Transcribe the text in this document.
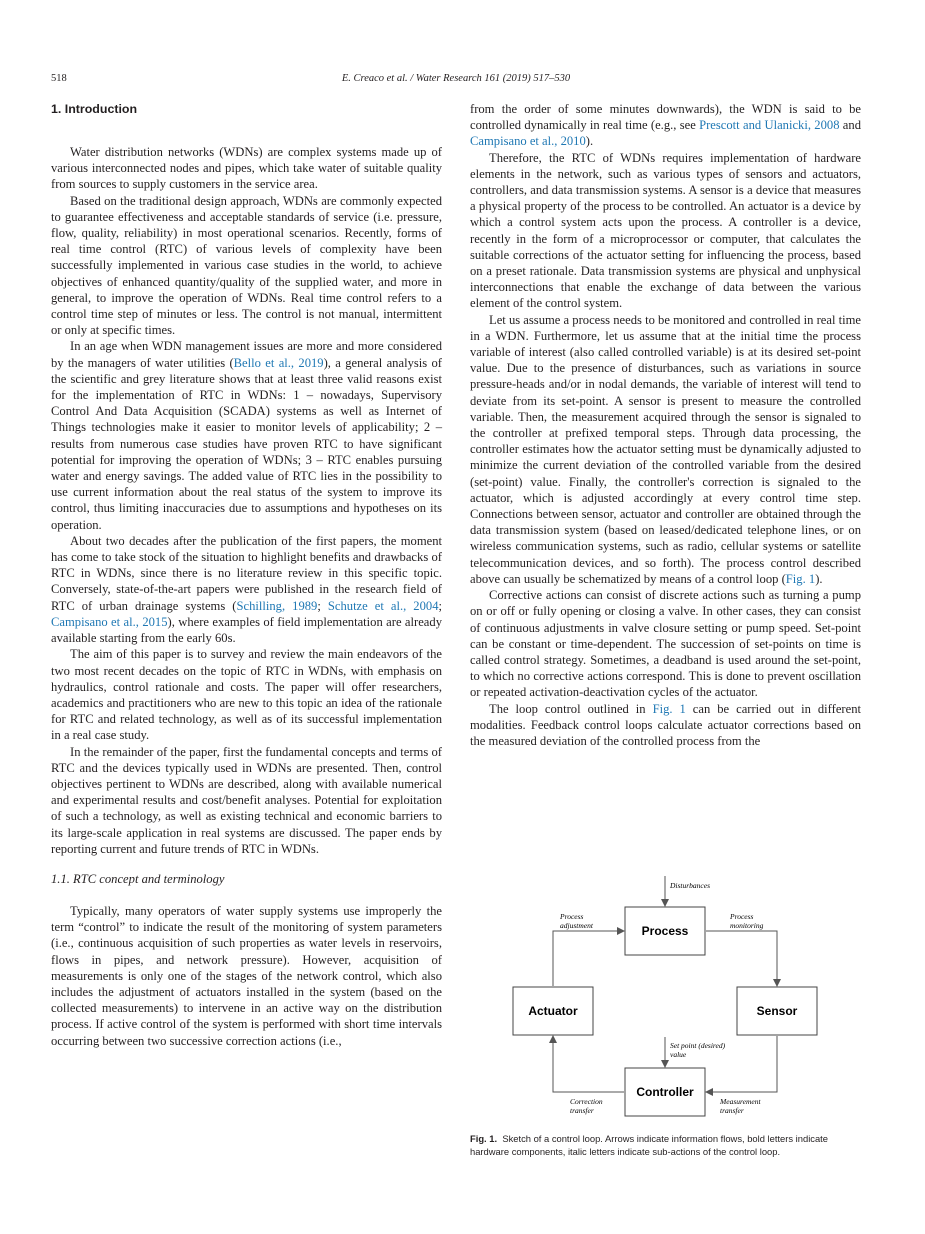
518	E. Creaco et al. / Water Research 161 (2019) 517–530
1. Introduction

Water distribution networks (WDNs) are complex systems made up of various interconnected nodes and pipes, which take water of suitable quality from sources to supply customers in the service area.

Based on the traditional design approach, WDNs are commonly expected to guarantee effectiveness and acceptable standards of service (i.e. pressure, flow, quality, reliability) in most operational scenarios. Recently, forms of real time control (RTC) of various levels of complexity have been successfully implemented in various case studies in the world, to achieve objectives of enhanced quantity/quality of the supplied water, and more in general, to improve the operation of WDNs. Real time control refers to a control time step of minutes or less. The control is not manual, intermittent or only at specific times.

In an age when WDN management issues are more and more considered by the managers of water utilities (Bello et al., 2019), a general analysis of the scientific and grey literature shows that at least three valid reasons exist for the implementation of RTC in WDNs: 1 – nowadays, Supervisory Control And Data Acquisition (SCADA) systems as well as Internet of Things technologies make it easier to monitor levels of applicability; 2 – results from numerous case studies have proven RTC to have significant potential for improving the operation of WDNs; 3 – RTC enables pursuing water and energy savings. The added value of RTC lies in the possibility to use current information about the real status of the system to improve its control, thus limiting inaccuracies due to assumptions and hypotheses on its operation.

About two decades after the publication of the first papers, the moment has come to take stock of the situation to highlight benefits and drawbacks of RTC in WDNs, since there is no literature review in this specific topic. Conversely, state-of-the-art papers were published in the research field of RTC of urban drainage systems (Schilling, 1989; Schutze et al., 2004; Campisano et al., 2015), where examples of field implementation are already available starting from the early 60s.

The aim of this paper is to survey and review the main endeavors of the two most recent decades on the topic of RTC in WDNs, with emphasis on hydraulics, control rationale and costs. The paper will offer researchers, academics and practitioners who are new to this topic an idea of the rationale for RTC and related technology, as well as of its successful implementation in a real case study.

In the remainder of the paper, first the fundamental concepts and terms of RTC and the devices typically used in WDNs are presented. Then, control objectives pertinent to WDNs are described, along with available numerical and experimental results and cost/benefit analyses. Potential for exploitation of such a technology, as well as existing technical and economic barriers to its large-scale application in real systems are discussed. The paper ends by reporting current and future trends of RTC in WDNs.

1.1. RTC concept and terminology

Typically, many operators of water supply systems use improperly the term “control” to indicate the result of the monitoring of system parameters (i.e., continuous acquisition of such properties as water levels in reservoirs, flows in pipes, and network pressure). However, acquisition of measurements is only one of the stages of the network control, which also includes the adjustment of actuators installed in the system (based on the collected measurements) to intervene in an active way on the distribution process. If active control of the system is performed with short time intervals occurring between two successive correction actions (i.e.,

from the order of some minutes downwards), the WDN is said to be controlled dynamically in real time (e.g., see Prescott and Ulanicki, 2008 and Campisano et al., 2010).

Therefore, the RTC of WDNs requires implementation of hardware elements in the network, such as various types of sensors and actuators, controllers, and data transmission systems. A sensor is a device that measures a physical property of the process to be controlled. An actuator is a device by which a control system acts upon the process. A controller is a device, recently in the form of a microprocessor or computer, that calculates the suitable corrections of the actuator setting for influencing the process, based on a preset rationale. Data transmission systems are physical and unphysical interconnections that enable the exchange of data between the various element of the control system.

Let us assume a process needs to be monitored and controlled in real time in a WDN. Furthermore, let us assume that at the initial time the process variable of interest (also called controlled variable) is at its desired set-point value. Due to the presence of disturbances, such as variations in source pressure-heads and/or in nodal demands, the variable of interest will tend to deviate from its set-point. A sensor is present to measure the controlled variable. Then, the measurement acquired through the sensor is signaled to the controller at prefixed temporal steps. Through data processing, the controller estimates how the actuator setting must be dynamically adjusted to minimize the current deviation of the controlled variable from the desired (set-point) value. Finally, the controller's correction is signaled to the actuator, which is adjusted accordingly at every control time step. Connections between sensor, actuator and controller are obtained through the data transmission system (based on leased/dedicated telephone lines, or on wireless communication systems, such as radio, cellular systems or satellite telecommunication devices, and so forth). The process control described above can usually be schematized by means of a control loop (Fig. 1).

Corrective actions can consist of discrete actions such as turning a pump on or off or fully opening or closing a valve. In other cases, they can consist of continuous adjustments in valve closure setting or pump speed. Set-point can be constant or time-dependent. The succession of set-points on time is called control strategy. Sometimes, a deadband is used around the set-point, to which no corrective actions correspond. This is done to prevent oscillation or repeated activation-deactivation cycles of the actuator.

The loop control outlined in Fig. 1 can be carried out in different modalities. Feedback control loops calculate actuator corrections based on the measured deviation of the controlled process from the

Process
Sensor
Controller
Actuator
Disturbances
Process
adjustment
Process
monitoring
Set point (desired)
value
Correction
transfer
Measurement
transfer
Fig. 1. Sketch of a control loop. Arrows indicate information flows, bold letters indicate hardware components, italic letters indicate sub-actions of the control loop.
